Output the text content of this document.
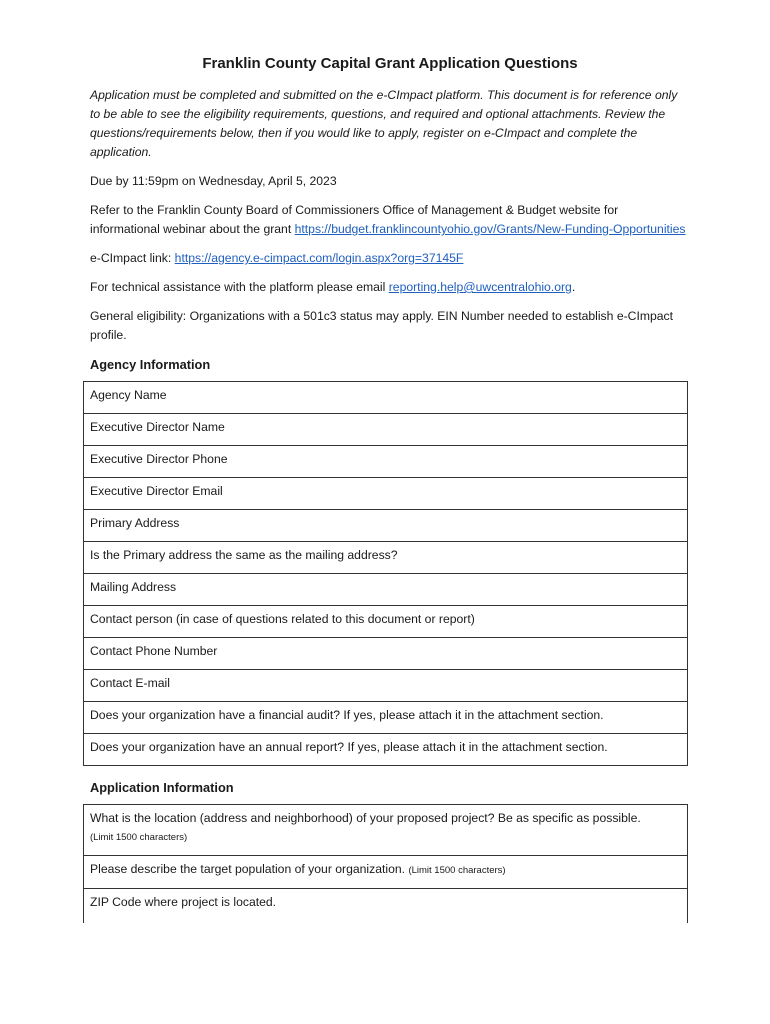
Franklin County Capital Grant Application Questions

Application must be completed and submitted on the e-CImpact platform. This document is for reference only to be able to see the eligibility requirements, questions, and required and optional attachments. Review the questions/requirements below, then if you would like to apply, register on e-CImpact and complete the application.

Due by 11:59pm on Wednesday, April 5, 2023

Refer to the Franklin County Board of Commissioners Office of Management & Budget website for informational webinar about the grant https://budget.franklincountyohio.gov/Grants/New-Funding-Opportunities

e-CImpact link: https://agency.e-cimpact.com/login.aspx?org=37145F

For technical assistance with the platform please email reporting.help@uwcentralohio.org.

General eligibility: Organizations with a 501c3 status may apply. EIN Number needed to establish e-CImpact profile.

Agency Information
Agency Name
Executive Director Name
Executive Director Phone
Executive Director Email
Primary Address
Is the Primary address the same as the mailing address?
Mailing Address
Contact person (in case of questions related to this document or report)
Contact Phone Number
Contact E-mail
Does your organization have a financial audit? If yes, please attach it in the attachment section.
Does your organization have an annual report? If yes, please attach it in the attachment section.
Application Information
What is the location (address and neighborhood) of your proposed project? Be as specific as possible.
(Limit 1500 characters)

Please describe the target population of your organization. (Limit 1500 characters)
ZIP Code where project is located.
